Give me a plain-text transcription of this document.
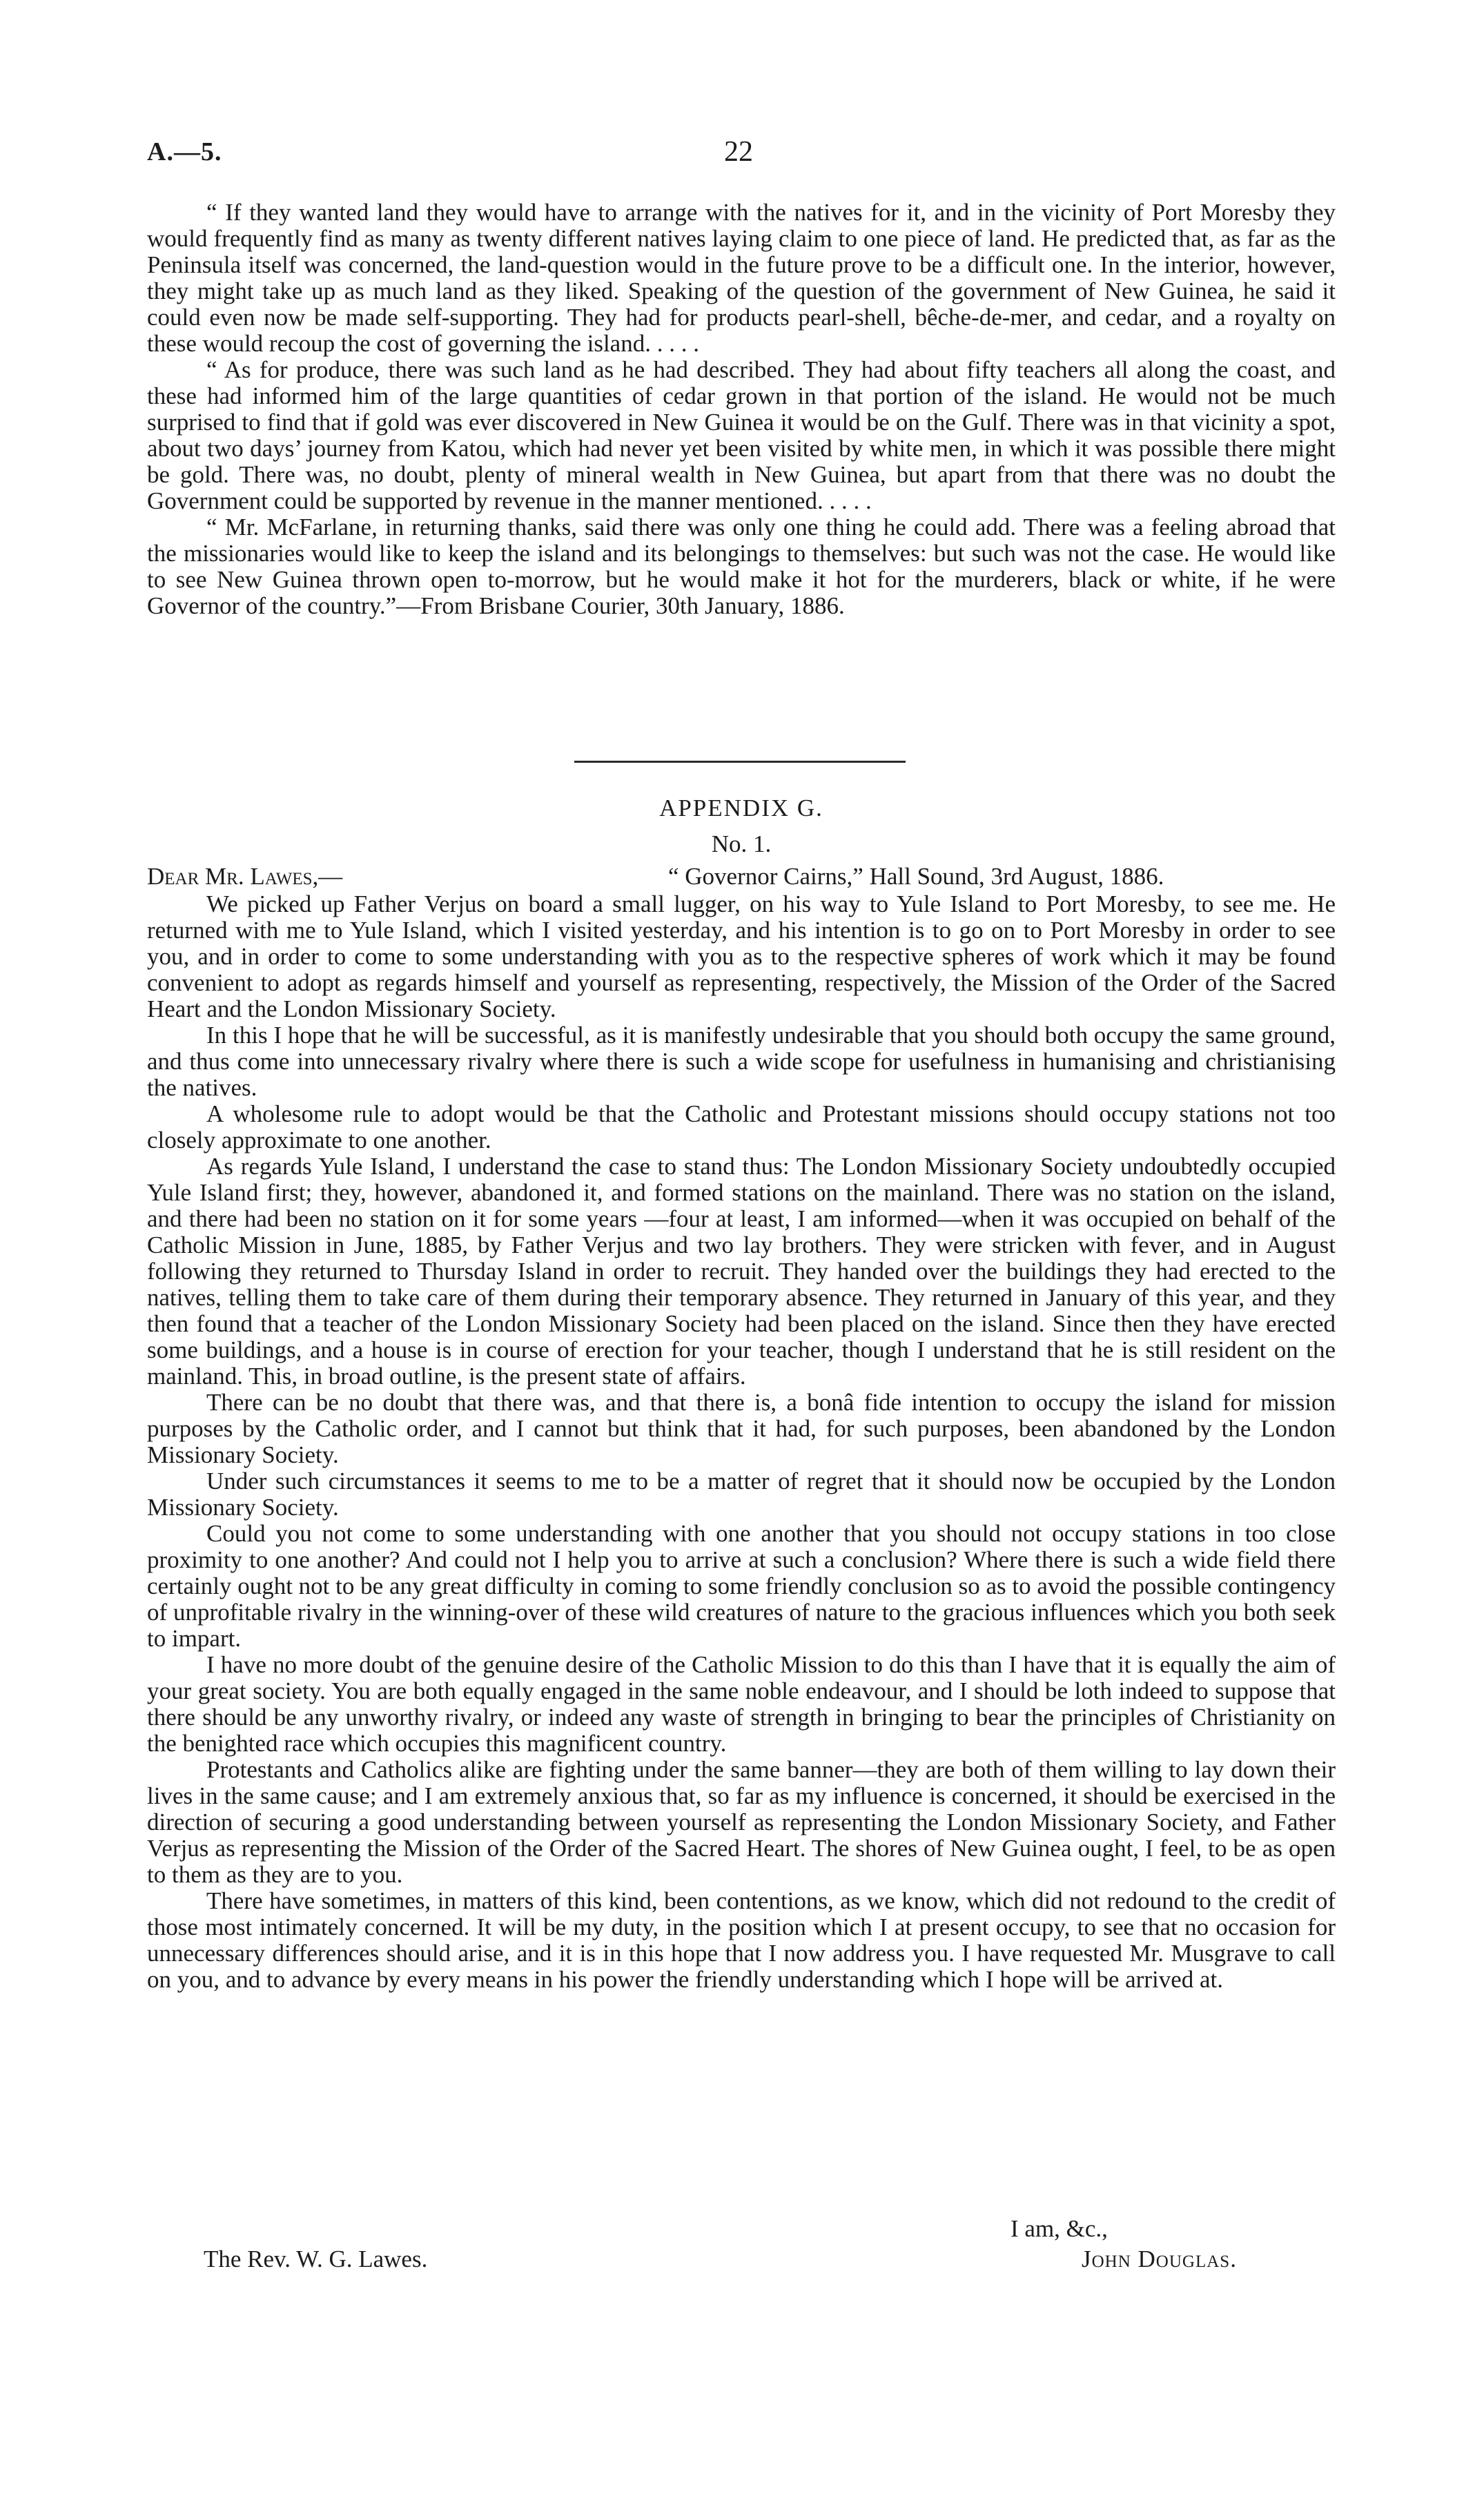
A.—5.	22

“ If they wanted land they would have to arrange with the natives for it, and in the vicinity of Port Moresby they would frequently find as many as twenty different natives laying claim to one piece of land. He predicted that, as far as the Peninsula itself was concerned, the land-question would in the future prove to be a difficult one. In the interior, however, they might take up as much land as they liked. Speaking of the question of the government of New Guinea, he said it could even now be made self-supporting. They had for products pearl-shell, bêche-de-mer, and cedar, and a royalty on these would recoup the cost of governing the island. . . . .

“ As for produce, there was such land as he had described. They had about fifty teachers all along the coast, and these had informed him of the large quantities of cedar grown in that portion of the island. He would not be much surprised to find that if gold was ever discovered in New Guinea it would be on the Gulf. There was in that vicinity a spot, about two days’ journey from Katou, which had never yet been visited by white men, in which it was possible there might be gold. There was, no doubt, plenty of mineral wealth in New Guinea, but apart from that there was no doubt the Government could be supported by revenue in the manner mentioned. . . . .

“ Mr. McFarlane, in returning thanks, said there was only one thing he could add. There was a feeling abroad that the missionaries would like to keep the island and its belongings to themselves: but such was not the case. He would like to see New Guinea thrown open to-morrow, but he would make it hot for the murderers, black or white, if he were Governor of the country.”—From Brisbane Courier, 30th January, 1886.

APPENDIX G.
No. 1.
Dear Mr. Lawes,—	“ Governor Cairns,” Hall Sound, 3rd August, 1886.

We picked up Father Verjus on board a small lugger, on his way to Yule Island to Port Moresby, to see me. He returned with me to Yule Island, which I visited yesterday, and his intention is to go on to Port Moresby in order to see you, and in order to come to some understanding with you as to the respective spheres of work which it may be found convenient to adopt as regards himself and yourself as representing, respectively, the Mission of the Order of the Sacred Heart and the London Missionary Society.

In this I hope that he will be successful, as it is manifestly undesirable that you should both occupy the same ground, and thus come into unnecessary rivalry where there is such a wide scope for usefulness in humanising and christianising the natives.

A wholesome rule to adopt would be that the Catholic and Protestant missions should occupy stations not too closely approximate to one another.

As regards Yule Island, I understand the case to stand thus: The London Missionary Society undoubtedly occupied Yule Island first; they, however, abandoned it, and formed stations on the mainland. There was no station on the island, and there had been no station on it for some years —four at least, I am informed—when it was occupied on behalf of the Catholic Mission in June, 1885, by Father Verjus and two lay brothers. They were stricken with fever, and in August following they returned to Thursday Island in order to recruit. They handed over the buildings they had erected to the natives, telling them to take care of them during their temporary absence. They returned in January of this year, and they then found that a teacher of the London Missionary Society had been placed on the island. Since then they have erected some buildings, and a house is in course of erection for your teacher, though I understand that he is still resident on the mainland. This, in broad outline, is the present state of affairs.

There can be no doubt that there was, and that there is, a bonâ fide intention to occupy the island for mission purposes by the Catholic order, and I cannot but think that it had, for such purposes, been abandoned by the London Missionary Society.

Under such circumstances it seems to me to be a matter of regret that it should now be occupied by the London Missionary Society.

Could you not come to some understanding with one another that you should not occupy stations in too close proximity to one another? And could not I help you to arrive at such a conclusion? Where there is such a wide field there certainly ought not to be any great difficulty in coming to some friendly conclusion so as to avoid the possible contingency of unprofitable rivalry in the winning-over of these wild creatures of nature to the gracious influences which you both seek to impart.

I have no more doubt of the genuine desire of the Catholic Mission to do this than I have that it is equally the aim of your great society. You are both equally engaged in the same noble endeavour, and I should be loth indeed to suppose that there should be any unworthy rivalry, or indeed any waste of strength in bringing to bear the principles of Christianity on the benighted race which occupies this magnificent country.

Protestants and Catholics alike are fighting under the same banner—they are both of them willing to lay down their lives in the same cause; and I am extremely anxious that, so far as my influence is concerned, it should be exercised in the direction of securing a good understanding between yourself as representing the London Missionary Society, and Father Verjus as representing the Mission of the Order of the Sacred Heart. The shores of New Guinea ought, I feel, to be as open to them as they are to you.

There have sometimes, in matters of this kind, been contentions, as we know, which did not redound to the credit of those most intimately concerned. It will be my duty, in the position which I at present occupy, to see that no occasion for unnecessary differences should arise, and it is in this hope that I now address you. I have requested Mr. Musgrave to call on you, and to advance by every means in his power the friendly understanding which I hope will be arrived at.

I am, &c.,
The Rev. W. G. Lawes.	John Douglas.
